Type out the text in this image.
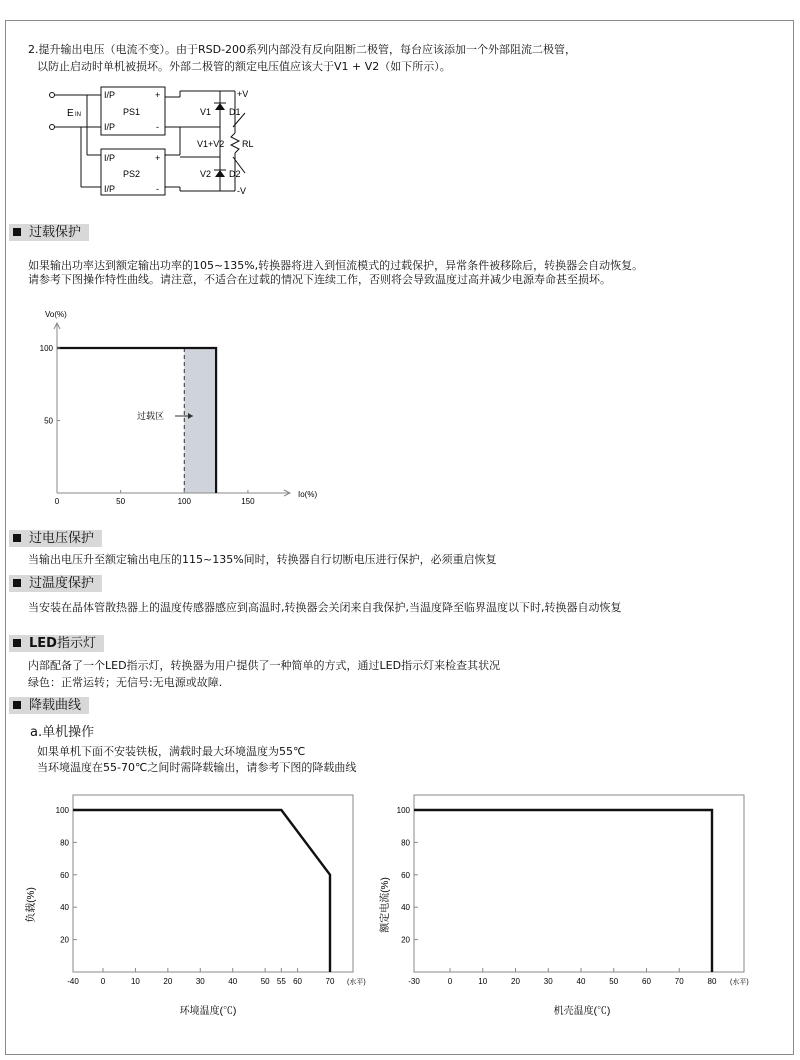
2.提升输出电压（电流不变）。由于RSD-200系列内部没有反向阻断二极管，每台应该添加一个外部阻流二极管，
以防止启动时单机被损坏。外部二极管的额定电压值应该大于V1 + V2（如下所示）。
E IN
I/P
I/P
PS1
+
-
V1 D1
I/P
I/P
PS2
+
-
V2 D2
+V
-V
V1+V2 RL
过载保护
如果输出功率达到额定输出功率的105~135%,转换器将进入到恒流模式的过载保护，异常条件被移除后，转换器会自动恢复。
请参考下图操作特性曲线。请注意，不适合在过载的情况下连续工作，否则将会导致温度过高并减少电源寿命甚至损坏。
0	50	100	150
50
100
Vo(%)
Io(%)
过载区
过电压保护
当输出电压升至额定输出电压的115~135%间时，转换器自行切断电压进行保护，必须重启恢复
过温度保护
当安装在晶体管散热器上的温度传感器感应到高温时,转换器会关闭来自我保护,当温度降至临界温度以下时,转换器自动恢复
LED指示灯
内部配备了一个LED指示灯，转换器为用户提供了一种简单的方式，通过LED指示灯来检查其状况
绿色：正常运转；无信号:无电源或故障.
降载曲线
a.单机操作
如果单机下面不安装铁板，满载时最大环境温度为55℃
当环境温度在55-70℃之间时需降载输出，请参考下图的降载曲线
-40	0	10	20	30	40	50 55 60	70
20
40
60
80
100
负载(%)
环境温度(℃)
(水平)	-30	0	10	20	30	40	50	60	70	80
20
40
60
80
100
额定电流(%)
机壳温度(℃)
(水平)
